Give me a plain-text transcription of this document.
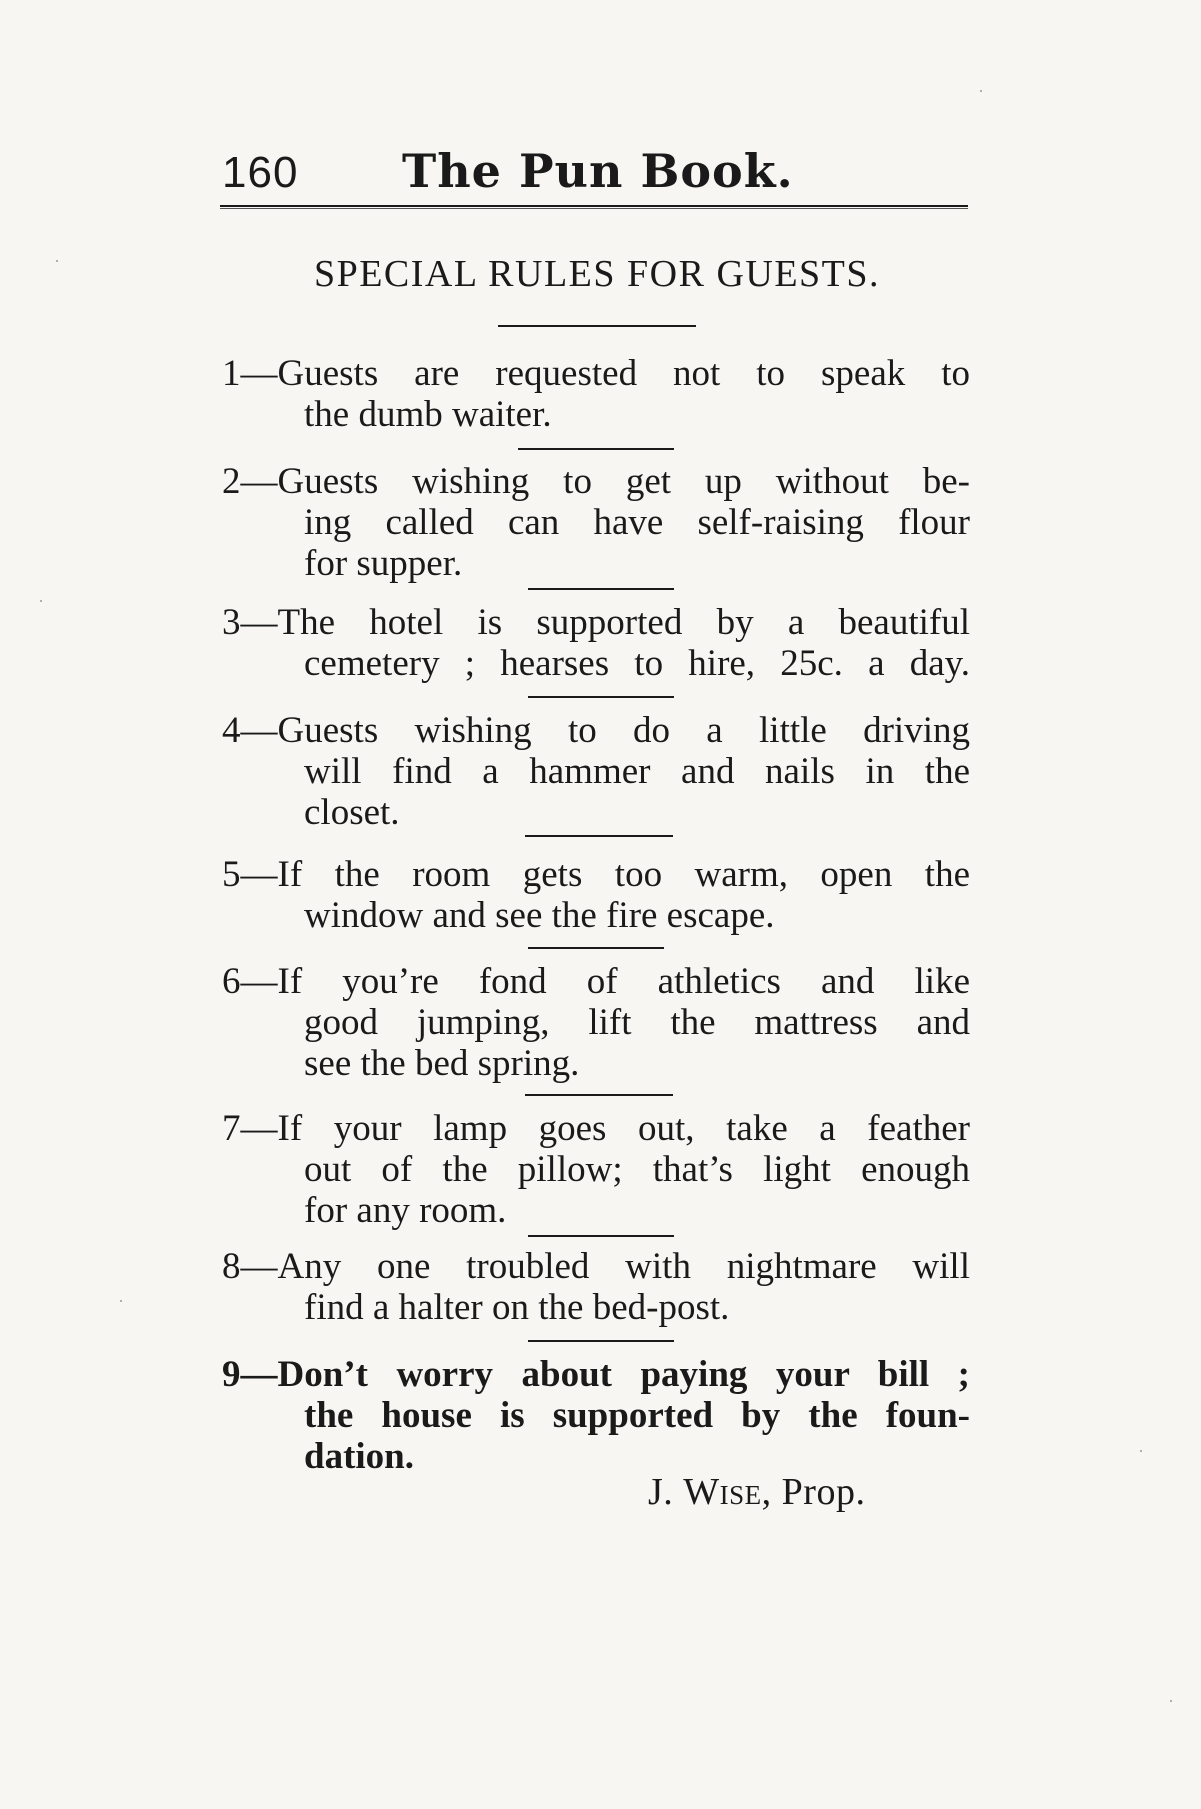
160 The Pun Book.
SPECIAL RULES FOR GUESTS.
1—Guests are requested not to speak to
the dumb waiter.
2—Guests wishing to get up without be-
ing called can have self-raising flour
for supper.
3—The hotel is supported by a beautiful
cemetery ; hearses to hire, 25c. a day.
4—Guests wishing to do a little driving
will find a hammer and nails in the
closet.
5—If the room gets too warm, open the
window and see the fire escape.
6—If you’re fond of athletics and like
good jumping, lift the mattress and
see the bed spring.
7—If your lamp goes out, take a feather
out of the pillow; that’s light enough
for any room.
8—Any one troubled with nightmare will
find a halter on the bed-post.
9—Don’t worry about paying your bill ;
the house is supported by the foun-
dation.
J. Wise, Prop.
